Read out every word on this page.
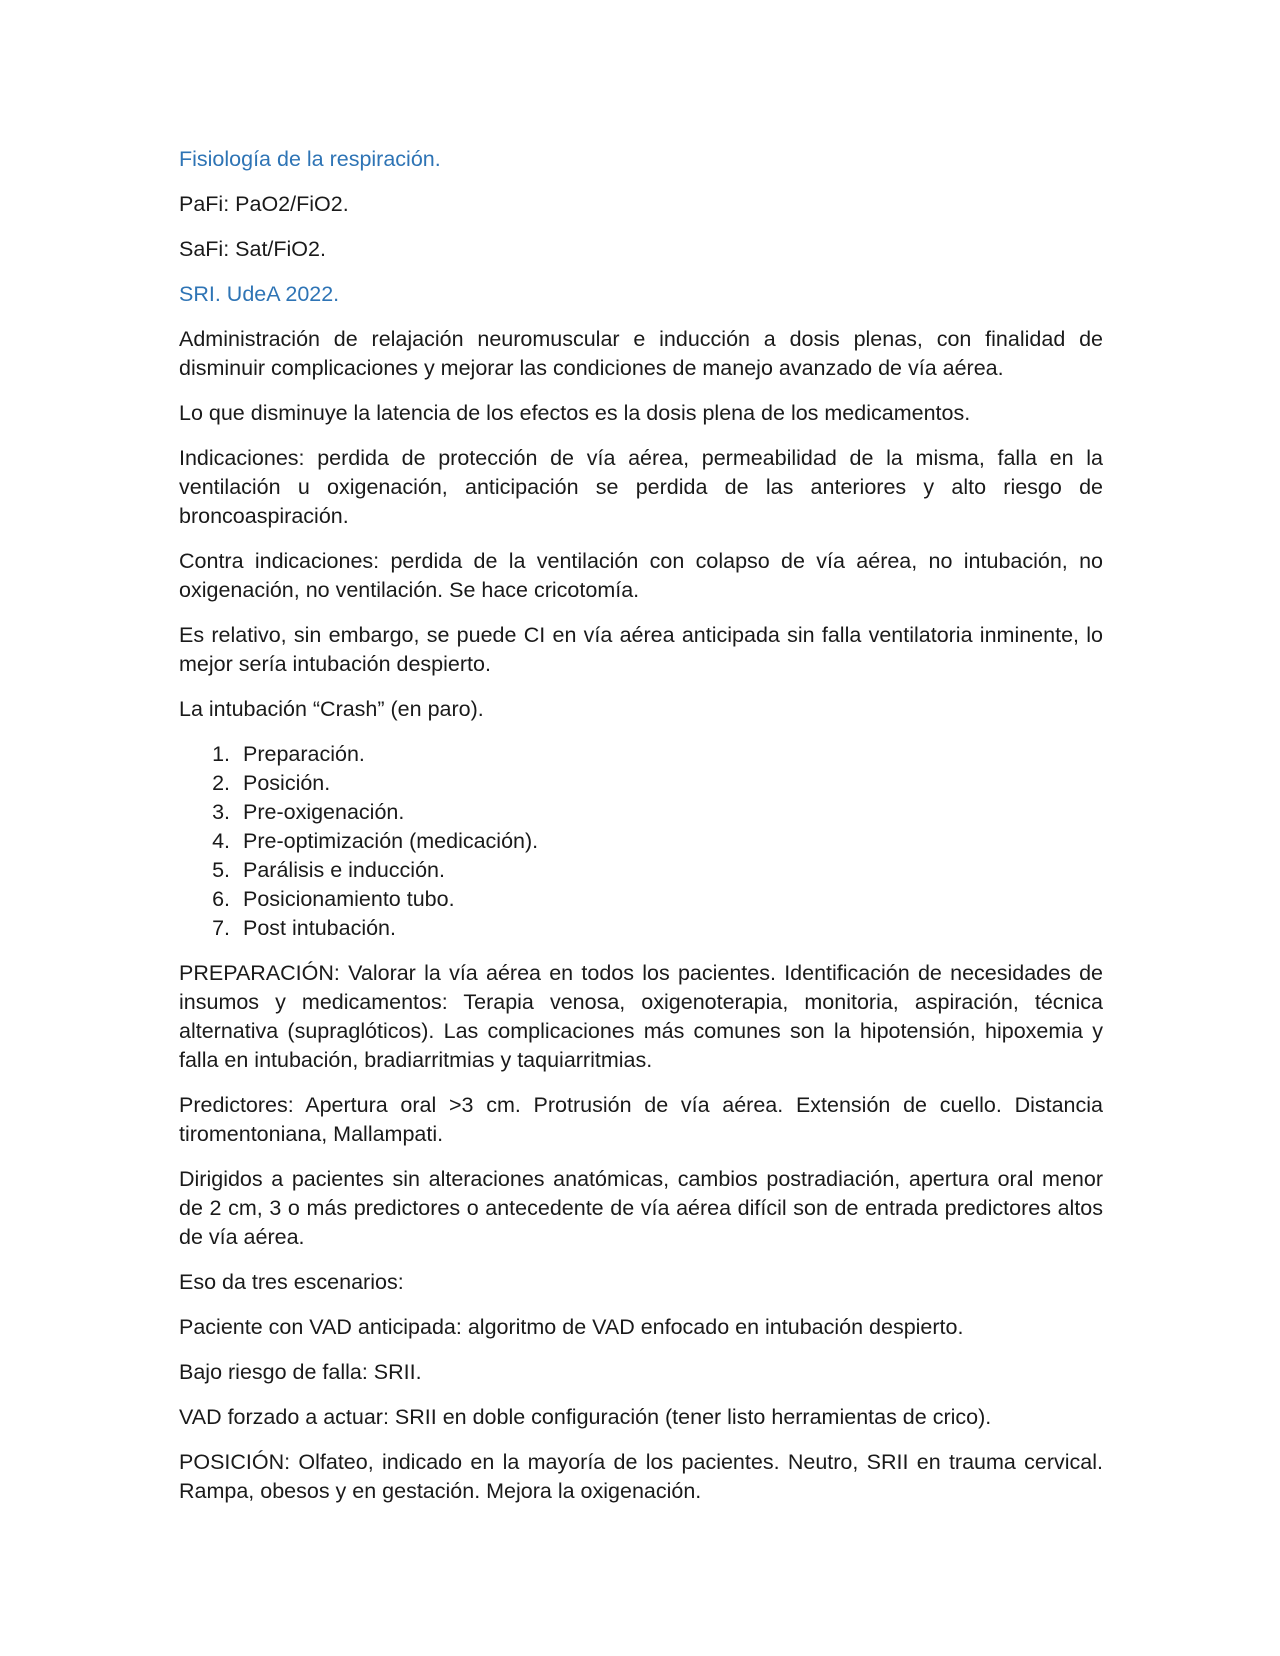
Fisiología de la respiración.

PaFi: PaO2/FiO2.

SaFi: Sat/FiO2.

SRI. UdeA 2022.

Administración de relajación neuromuscular e inducción a dosis plenas, con finalidad de disminuir complicaciones y mejorar las condiciones de manejo avanzado de vía aérea.

Lo que disminuye la latencia de los efectos es la dosis plena de los medicamentos.

Indicaciones: perdida de protección de vía aérea, permeabilidad de la misma, falla en la ventilación u oxigenación, anticipación se perdida de las anteriores y alto riesgo de broncoaspiración.

Contra indicaciones: perdida de la ventilación con colapso de vía aérea, no intubación, no oxigenación, no ventilación. Se hace cricotomía.

Es relativo, sin embargo, se puede CI en vía aérea anticipada sin falla ventilatoria inminente, lo mejor sería intubación despierto.

La intubación “Crash” (en paro).

1. Preparación.
2. Posición.
3. Pre-oxigenación.
4. Pre-optimización (medicación).
5. Parálisis e inducción.
6. Posicionamiento tubo.
7. Post intubación.

PREPARACIÓN: Valorar la vía aérea en todos los pacientes. Identificación de necesidades de insumos y medicamentos: Terapia venosa, oxigenoterapia, monitoria, aspiración, técnica alternativa (supraglóticos). Las complicaciones más comunes son la hipotensión, hipoxemia y falla en intubación, bradiarritmias y taquiarritmias.

Predictores: Apertura oral >3 cm. Protrusión de vía aérea. Extensión de cuello. Distancia tiromentoniana, Mallampati.

Dirigidos a pacientes sin alteraciones anatómicas, cambios postradiación, apertura oral menor de 2 cm, 3 o más predictores o antecedente de vía aérea difícil son de entrada predictores altos de vía aérea.

Eso da tres escenarios:

Paciente con VAD anticipada: algoritmo de VAD enfocado en intubación despierto.

Bajo riesgo de falla: SRII.

VAD forzado a actuar: SRII en doble configuración (tener listo herramientas de crico).

POSICIÓN: Olfateo, indicado en la mayoría de los pacientes. Neutro, SRII en trauma cervical. Rampa, obesos y en gestación. Mejora la oxigenación.
